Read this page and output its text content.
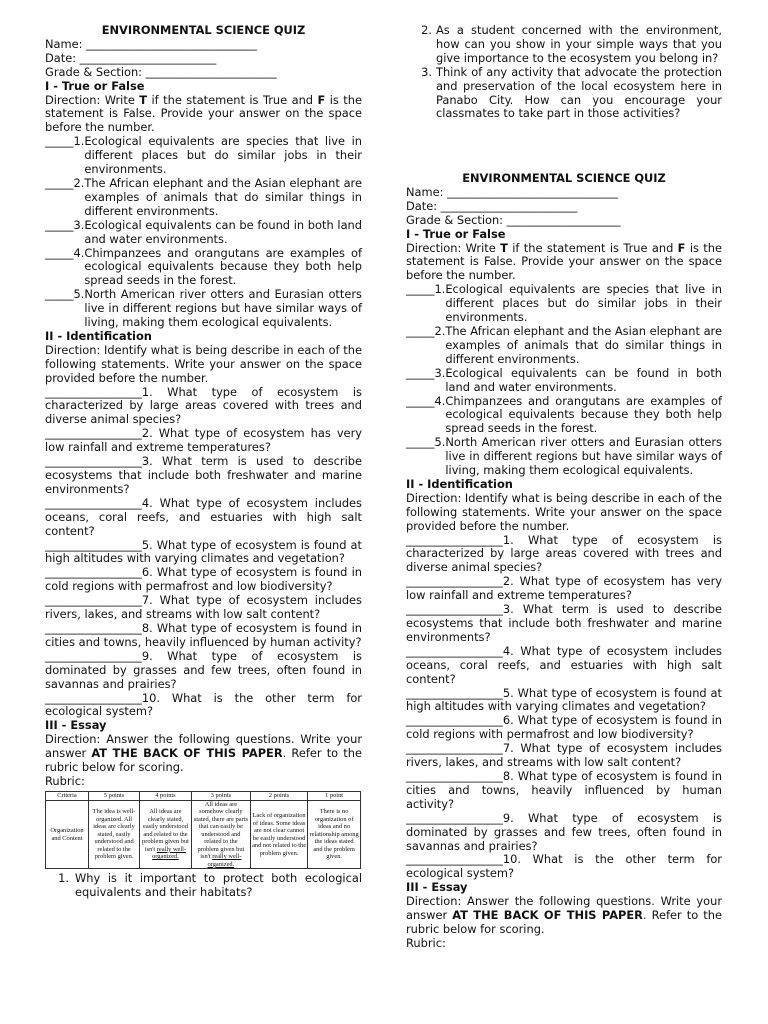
ENVIRONMENTAL SCIENCE QUIZ

Name: ______________________________

Date: ________________________

Grade & Section: _______________________

I - True or False

Direction: Write T if the statement is True and F is the statement is False. Provide your answer on the space before the number.

_____ 1. Ecological equivalents are species that live in different places but do similar jobs in their environments.
_____ 2. The African elephant and the Asian elephant are examples of animals that do similar things in different environments.
_____ 3. Ecological equivalents can be found in both land and water environments.
_____ 4. Chimpanzees and orangutans are examples of ecological equivalents because they both help spread seeds in the forest.
_____ 5. North American river otters and Eurasian otters live in different regions but have similar ways of living, making them ecological equivalents.

II - Identification

Direction: Identify what is being describe in each of the following statements. Write your answer on the space provided before the number.

_________________1. What type of ecosystem is characterized by large areas covered with trees and diverse animal species?

_________________2. What type of ecosystem has very low rainfall and extreme temperatures?

_________________3. What term is used to describe ecosystems that include both freshwater and marine environments?

_________________4. What type of ecosystem includes oceans, coral reefs, and estuaries with high salt content?

_________________5. What type of ecosystem is found at high altitudes with varying climates and vegetation?

_________________6. What type of ecosystem is found in cold regions with permafrost and low biodiversity?

_________________7. What type of ecosystem includes rivers, lakes, and streams with low salt content?

_________________8. What type of ecosystem is found in cities and towns, heavily influenced by human activity?

_________________9. What type of ecosystem is dominated by grasses and few trees, often found in savannas and prairies?

_________________10. What is the other term for ecological system?

III - Essay

Direction: Answer the following questions. Write your answer AT THE BACK OF THIS PAPER. Refer to the rubric below for scoring.

Rubric:

Criteria	5 points	4 points	3 points	2 points	1 point
Organization and Content	The idea is well-organized. All ideas are clearly stated, easily understood and related to the problem given.	All ideas are clearly stated, easily understood and related to the problem given but isn't really well-organized.	All ideas are somehow clearly stated, there are parts that can easily be understood and related to the problem given but isn't really well-organized.	Lack of organization of ideas. Some ideas are not clear cannot be easily understood and not related to the problem given.	There is no organization of ideas and no relationship among the ideas stated and the problem given.
1. Why is it important to protect both ecological equivalents and their habitats?
2. As a student concerned with the environment, how can you show in your simple ways that you give importance to the ecosystem you belong in?
3. Think of any activity that advocate the protection and preservation of the local ecosystem here in Panabo City. How can you encourage your classmates to take part in those activities?

ENVIRONMENTAL SCIENCE QUIZ

Name: ______________________________

Date: ________________________

Grade & Section: ____________________

I - True or False

Direction: Write T if the statement is True and F is the statement is False. Provide your answer on the space before the number.

_____ 1. Ecological equivalents are species that live in different places but do similar jobs in their environments.
_____ 2. The African elephant and the Asian elephant are examples of animals that do similar things in different environments.
_____ 3. Ecological equivalents can be found in both land and water environments.
_____ 4. Chimpanzees and orangutans are examples of ecological equivalents because they both help spread seeds in the forest.
_____ 5. North American river otters and Eurasian otters live in different regions but have similar ways of living, making them ecological equivalents.

II - Identification

Direction: Identify what is being describe in each of the following statements. Write your answer on the space provided before the number.

_________________1. What type of ecosystem is characterized by large areas covered with trees and diverse animal species?

_________________2. What type of ecosystem has very low rainfall and extreme temperatures?

_________________3. What term is used to describe ecosystems that include both freshwater and marine environments?

_________________4. What type of ecosystem includes oceans, coral reefs, and estuaries with high salt content?

_________________5. What type of ecosystem is found at high altitudes with varying climates and vegetation?

_________________6. What type of ecosystem is found in cold regions with permafrost and low biodiversity?

_________________7. What type of ecosystem includes rivers, lakes, and streams with low salt content?

_________________8. What type of ecosystem is found in cities and towns, heavily influenced by human activity?

_________________9. What type of ecosystem is dominated by grasses and few trees, often found in savannas and prairies?

_________________10. What is the other term for ecological system?

III - Essay

Direction: Answer the following questions. Write your answer AT THE BACK OF THIS PAPER. Refer to the rubric below for scoring.

Rubric:
